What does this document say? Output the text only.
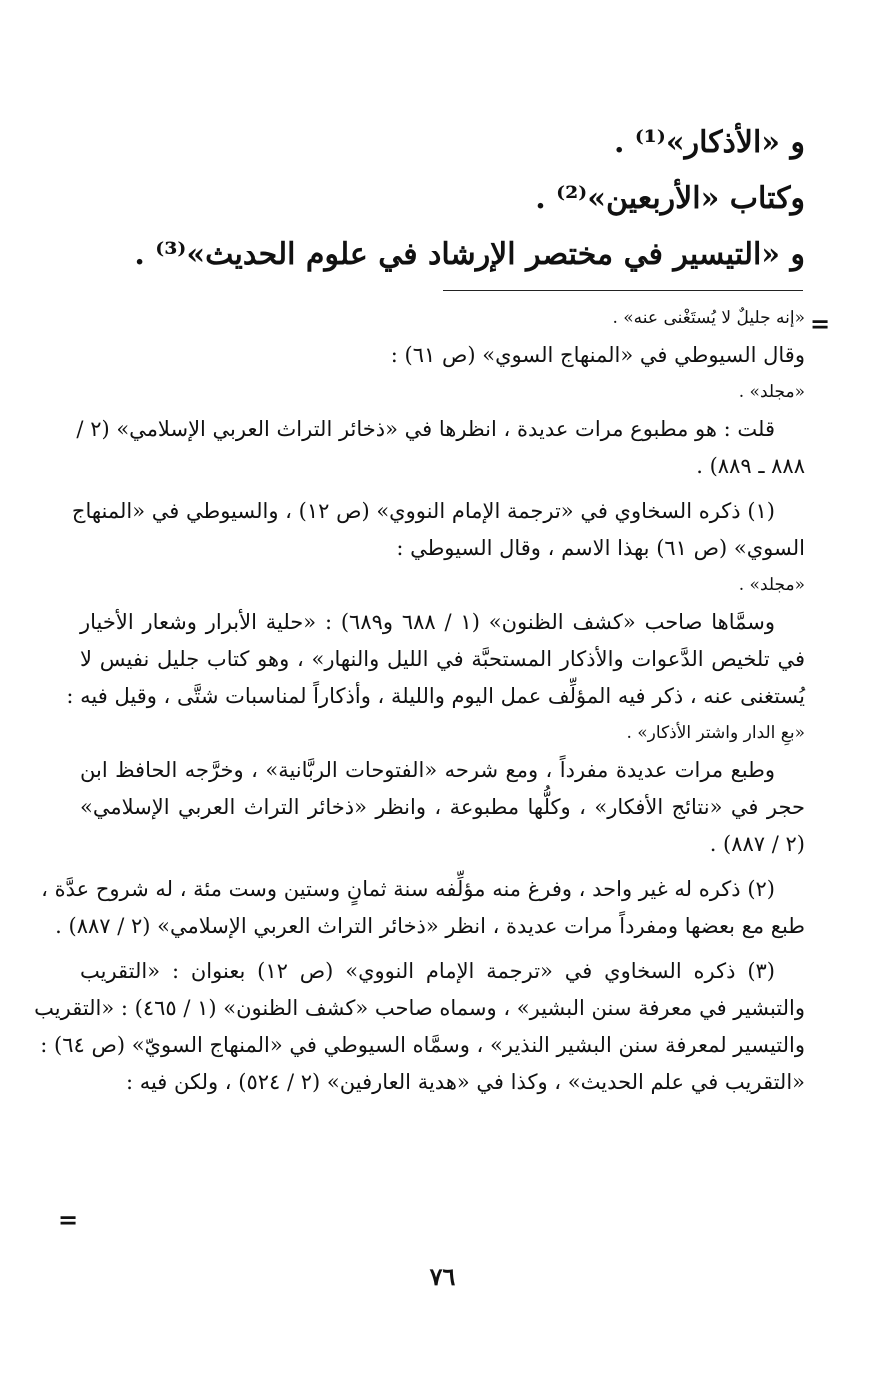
و «الأذكار»⁽¹⁾ .
وكتاب «الأربعين»⁽²⁾ .
و «التيسير في مختصر الإرشاد في علوم الحديث»⁽³⁾ .
=
=
«إنه جليلٌ لا يُستَغْنى عنه» .
وقال السيوطي في «المنهاج السوي» (ص ٦١) :
«مجلد» .
قلت : هو مطبوع مرات عديدة ، انظرها في «ذخائر التراث العربي الإسلامي» (٢ /
٨٨٨ ـ ٨٨٩) .
(١) ذكره السخاوي في «ترجمة الإمام النووي» (ص ١٢) ، والسيوطي في «المنهاج
السوي» (ص ٦١) بهذا الاسم ، وقال السيوطي :
«مجلد» .
وسمَّاها صاحب «كشف الظنون» (١ / ٦٨٨ و٦٨٩) : «حلية الأبرار وشعار الأخيار
في تلخيص الدَّعوات والأذكار المستحبَّة في الليل والنهار» ، وهو كتاب جليل نفيس لا
يُستغنى عنه ، ذكر فيه المؤلِّف عمل اليوم والليلة ، وأذكاراً لمناسبات شتَّى ، وقيل فيه :
«بعِ الدار واشتر الأذكار» .
وطبع مرات عديدة مفرداً ، ومع شرحه «الفتوحات الربَّانية» ، وخرَّجه الحافظ ابن
حجر في «نتائج الأفكار» ، وكلُّها مطبوعة ، وانظر «ذخائر التراث العربي الإسلامي»
(٢ / ٨٨٧) .
(٢) ذكره له غير واحد ، وفرغ منه مؤلِّفه سنة ثمانٍ وستين وست مئة ، له شروح عدَّة ،
طبع مع بعضها ومفرداً مرات عديدة ، انظر «ذخائر التراث العربي الإسلامي» (٢ / ٨٨٧) .
(٣) ذكره السخاوي في «ترجمة الإمام النووي» (ص ١٢) بعنوان : «التقريب
والتبشير في معرفة سنن البشير» ، وسماه صاحب «كشف الظنون» (١ / ٤٦٥) : «التقريب
والتيسير لمعرفة سنن البشير النذير» ، وسمَّاه السيوطي في «المنهاج السويّ» (ص ٦٤) :
«التقريب في علم الحديث» ، وكذا في «هدية العارفين» (٢ / ٥٢٤) ، ولكن فيه :
٧٦
